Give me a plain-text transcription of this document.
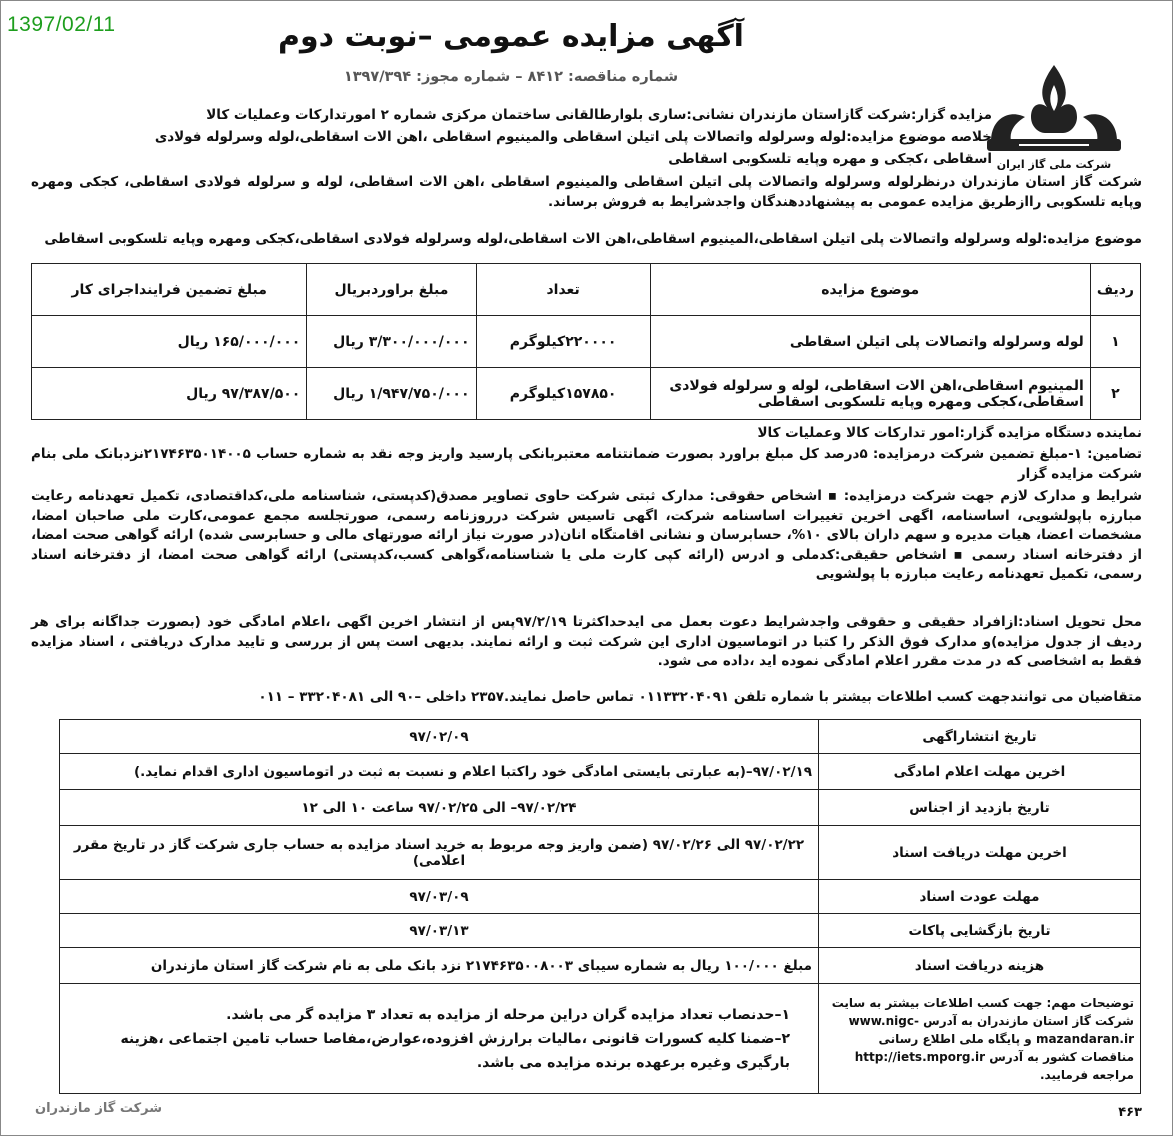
1397/02/11
شرکت ملی گاز ایران
آگهی مزایده عمومی –نوبت دوم
شماره مناقصه: ۸۴۱۲ – شماره مجوز: ۱۳۹۷/۳۹۴
مزایده گزار:شرکت گازاستان مازندران نشانی:ساری بلوارطالقانی ساختمان مرکزی شماره ۲ امورتدارکات وعملیات کالا
خلاصه موضوع مزایده:لوله وسرلوله واتصالات پلی اتیلن اسقاطی والمینیوم اسقاطی ،اهن الات اسقاطی،لوله وسرلوله فولادی
اسقاطی ،کجکی و مهره وپایه تلسکوبی اسقاطی
شرکت گاز استان مازندران درنظرلوله وسرلوله واتصالات پلی اتیلن اسقاطی والمینیوم اسقاطی ،اهن الات اسقاطی، لوله و سرلوله فولادی اسقاطی، کجکی ومهره وپایه تلسکوبی راازطریق مزایده عمومی به پیشنهاددهندگان واجدشرایط به فروش برساند.
موضوع مزایده:لوله وسرلوله واتصالات پلی اتیلن اسقاطی،المینیوم اسقاطی،اهن الات اسقاطی،لوله وسرلوله فولادی اسقاطی،کجکی ومهره وپایه تلسکوبی اسقاطی
ردیف	موضوع مزایده	تعداد	مبلغ براوردبریال	مبلغ تضمین فرایندا‌جرای کار
۱	لوله وسرلوله واتصالات پلی اتیلن اسقاطی	۲۲۰۰۰۰کیلوگرم	۳/۳۰۰/۰۰۰/۰۰۰ ریال	۱۶۵/۰۰۰/۰۰۰ ریال
۲	المینیوم اسقاطی،اهن الات اسقاطی، لوله و سرلوله فولادی اسقاطی،کجکی ومهره وپایه تلسکوبی اسقاطی	۱۵۷۸۵۰کیلوگرم	۱/۹۴۷/۷۵۰/۰۰۰ ریال	۹۷/۳۸۷/۵۰۰ ریال
نماینده دستگاه مزایده گزار:امور تدارکات کالا وعملیات کالا
تضامین: ۱-مبلغ تضمین شرکت درمزایده: ۵درصد کل مبلغ براورد بصورت ضمانتنامه معتبربانکی پارسید واریز وجه نقد به شماره حساب ۲۱۷۴۶۳۵۰۱۴۰۰۵نزدبانک ملی بنام شرکت مزایده گزار
شرایط و مدارک لازم جهت شرکت درمزایده: ▪ اشخاص حقوقی: مدارک ثبتی شرکت حاوی تصاویر مصدق(کدپستی، شناسنامه ملی،کداقتصادی، تکمیل تعهدنامه رعایت مبارزه باپولشویی، اساسنامه، اگهی اخرین تغییرات اساسنامه شرکت، اگهی تاسیس شرکت درروزنامه رسمی، صورتجلسه مجمع عمومی،کارت ملی صاحبان امضا، مشخصات اعضا، هیات مدیره و سهم داران بالای ۱۰%، حسابرسان و نشانی اقامتگاه انان(در صورت نیاز ارائه صورتهای مالی و حسابرسی شده) ارائه گواهی صحت امضا، از دفترخانه اسناد رسمی ▪ اشخاص حقیقی:کدملی و ادرس (ارائه کپی کارت ملی یا شناسنامه،گواهی کسب،کدپستی) ارائه گواهی صحت امضا، از دفترخانه اسناد رسمی، تکمیل تعهدنامه رعایت مبارزه با پولشویی
محل تحویل اسناد:ازافراد حقیقی و حقوقی واجدشرایط دعوت بعمل می ایدحداکثرتا ۹۷/۲/۱۹پس از انتشار اخرین اگهی ،اعلام امادگی خود (بصورت جداگانه برای هر ردیف از جدول مزایده)و مدارک فوق الذکر را کتبا در اتوماسیون اداری این شرکت ثبت و ارائه نمایند. بدیهی است پس از بررسی و تایید مدارک دریافتی ، اسناد مزایده فقط به اشخاصی که در مدت مقرر اعلام امادگی نموده اید ،داده می شود.
متقاضیان می توانندجهت کسب اطلاعات بیشتر با شماره تلفن ۰۱۱۳۳۲۰۴۰۹۱ تماس حاصل نمایند.۲۳۵۷ داخلی –۹۰ الی ۳۳۲۰۴۰۸۱ – ۰۱۱
تاریخ انتشاراگهی	۹۷/۰۲/۰۹
اخرین مهلت اعلام امادگی	۹۷/۰۲/۱۹–(به عبارتی بایستی امادگی خود راکتبا اعلام و نسبت به ثبت در اتوماسیون اداری اقدام نماید.)
تاریخ بازدید از اجناس	۹۷/۰۲/۲۴– الی ۹۷/۰۲/۲۵ ساعت ۱۰ الی ۱۲
اخرین مهلت دریافت اسناد	۹۷/۰۲/۲۲ الی ۹۷/۰۲/۲۶ (ضمن واریز وجه مربوط به خرید اسناد مزایده به حساب جاری شرکت گاز در تاریخ مقرر اعلامی)
مهلت عودت اسناد	۹۷/۰۳/۰۹
تاریخ بازگشایی پاکات	۹۷/۰۳/۱۳
هزینه دریافت اسناد	مبلغ ۱۰۰/۰۰۰ ریال به شماره سیبای ۲۱۷۴۶۳۵۰۰۸۰۰۳ نزد بانک ملی به نام شرکت گاز استان مازندران
توضیحات مهم: جهت کسب اطلاعات بیشتر به سایت شرکت گاز استان مازندران به آدرس www.nigc-mazandaran.ir و پایگاه ملی اطلاع رسانی مناقصات کشور به آدرس http://iets.mporg.ir مراجعه فرمایید.	۱–حدنصاب تعداد مزایده گران دراین مرحله از مزایده به تعداد ۳ مزایده گر می باشد.
۲–ضمنا کلیه کسورات قانونی ،مالیات برارزش افزوده،عوارض،مفاصا حساب تامین اجتماعی ،هزینه بارگیری وغیره برعهده برنده مزایده می باشد.
شرکت گاز مازندران	۴۶۳
